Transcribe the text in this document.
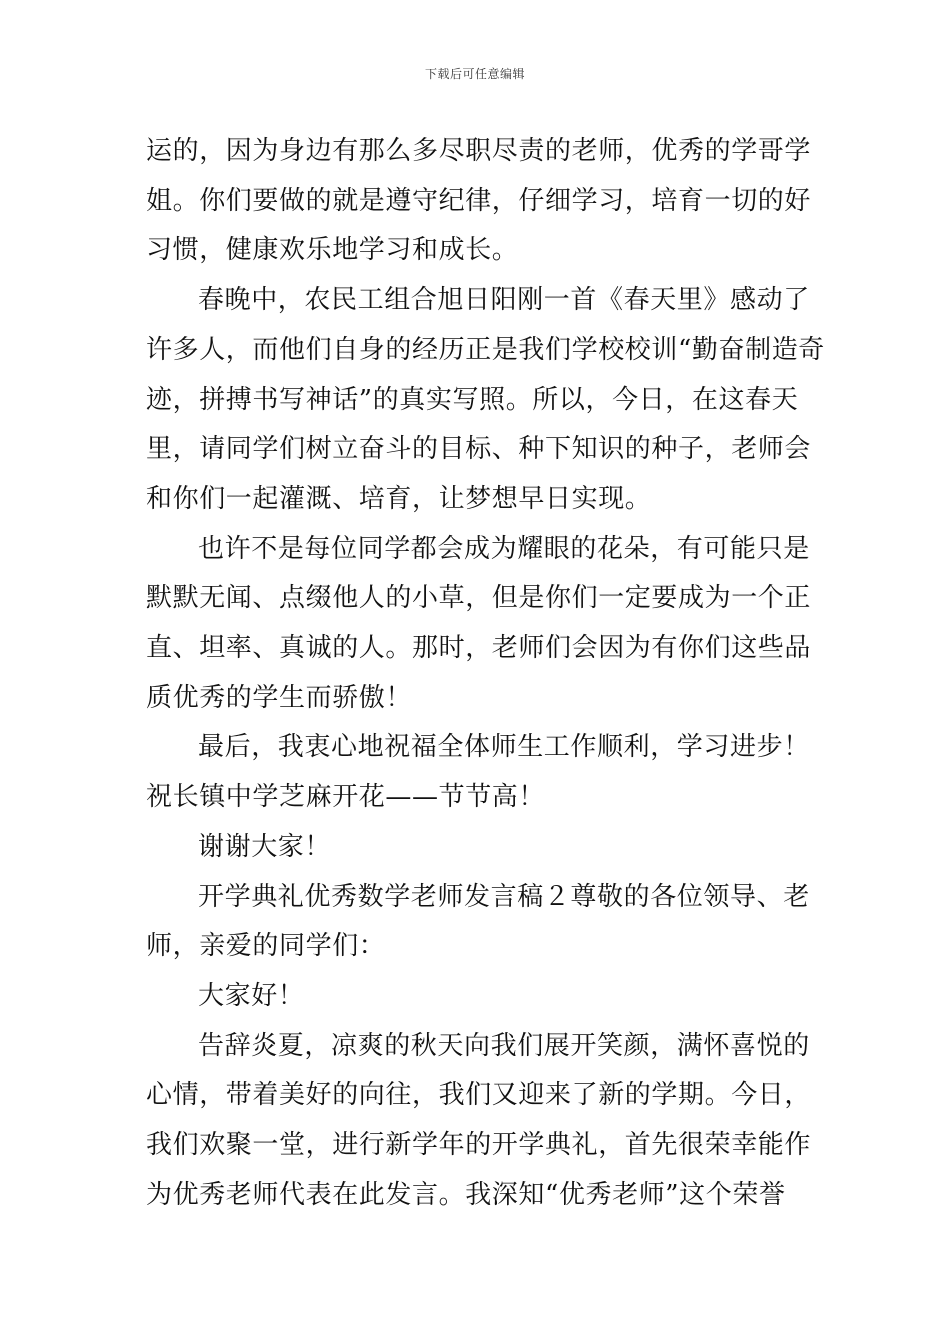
下载后可任意编辑

运的，因为身边有那么多尽职尽责的老师，优秀的学哥学姐。你们要做的就是遵守纪律，仔细学习，培育一切的好习惯，健康欢乐地学习和成长。

春晚中，农民工组合旭日阳刚一首《春天里》感动了许多人，而他们自身的经历正是我们学校校训“勤奋制造奇迹，拼搏书写神话”的真实写照。所以，今日，在这春天里，请同学们树立奋斗的目标、种下知识的种子，老师会和你们一起灌溉、培育，让梦想早日实现。

也许不是每位同学都会成为耀眼的花朵，有可能只是默默无闻、点缀他人的小草，但是你们一定要成为一个正直、坦率、真诚的人。那时，老师们会因为有你们这些品质优秀的学生而骄傲！

最后，我衷心地祝福全体师生工作顺利，学习进步！

祝长镇中学芝麻开花——节节高！

谢谢大家！

开学典礼优秀数学老师发言稿２尊敬的各位领导、老师，亲爱的同学们：

大家好！

告辞炎夏，凉爽的秋天向我们展开笑颜，满怀喜悦的心情，带着美好的向往，我们又迎来了新的学期。今日，我们欢聚一堂，进行新学年的开学典礼，首先很荣幸能作为优秀老师代表在此发言。我深知“优秀老师”这个荣誉
